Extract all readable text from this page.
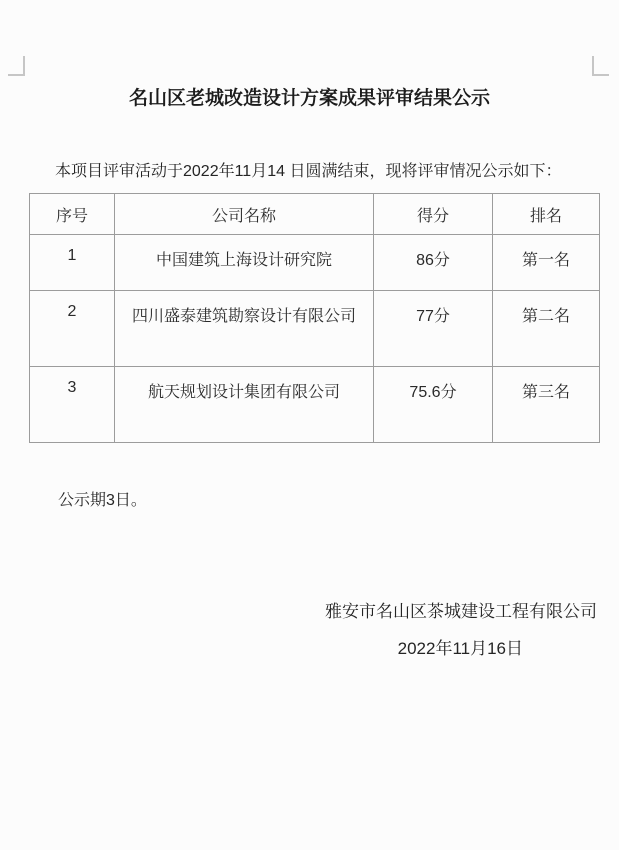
名山区老城改造设计方案成果评审结果公示

本项目评审活动于2022年11月14 日圆满结束，现将评审情况公示如下：

序号	公司名称	得分	排名
1	中国建筑上海设计研究院	86分	第一名
2	四川盛泰建筑勘察设计有限公司	77分	第二名
3	航天规划设计集团有限公司	75.6分	第三名

公示期3日。

雅安市名山区茶城建设工程有限公司

2022年11月16日
